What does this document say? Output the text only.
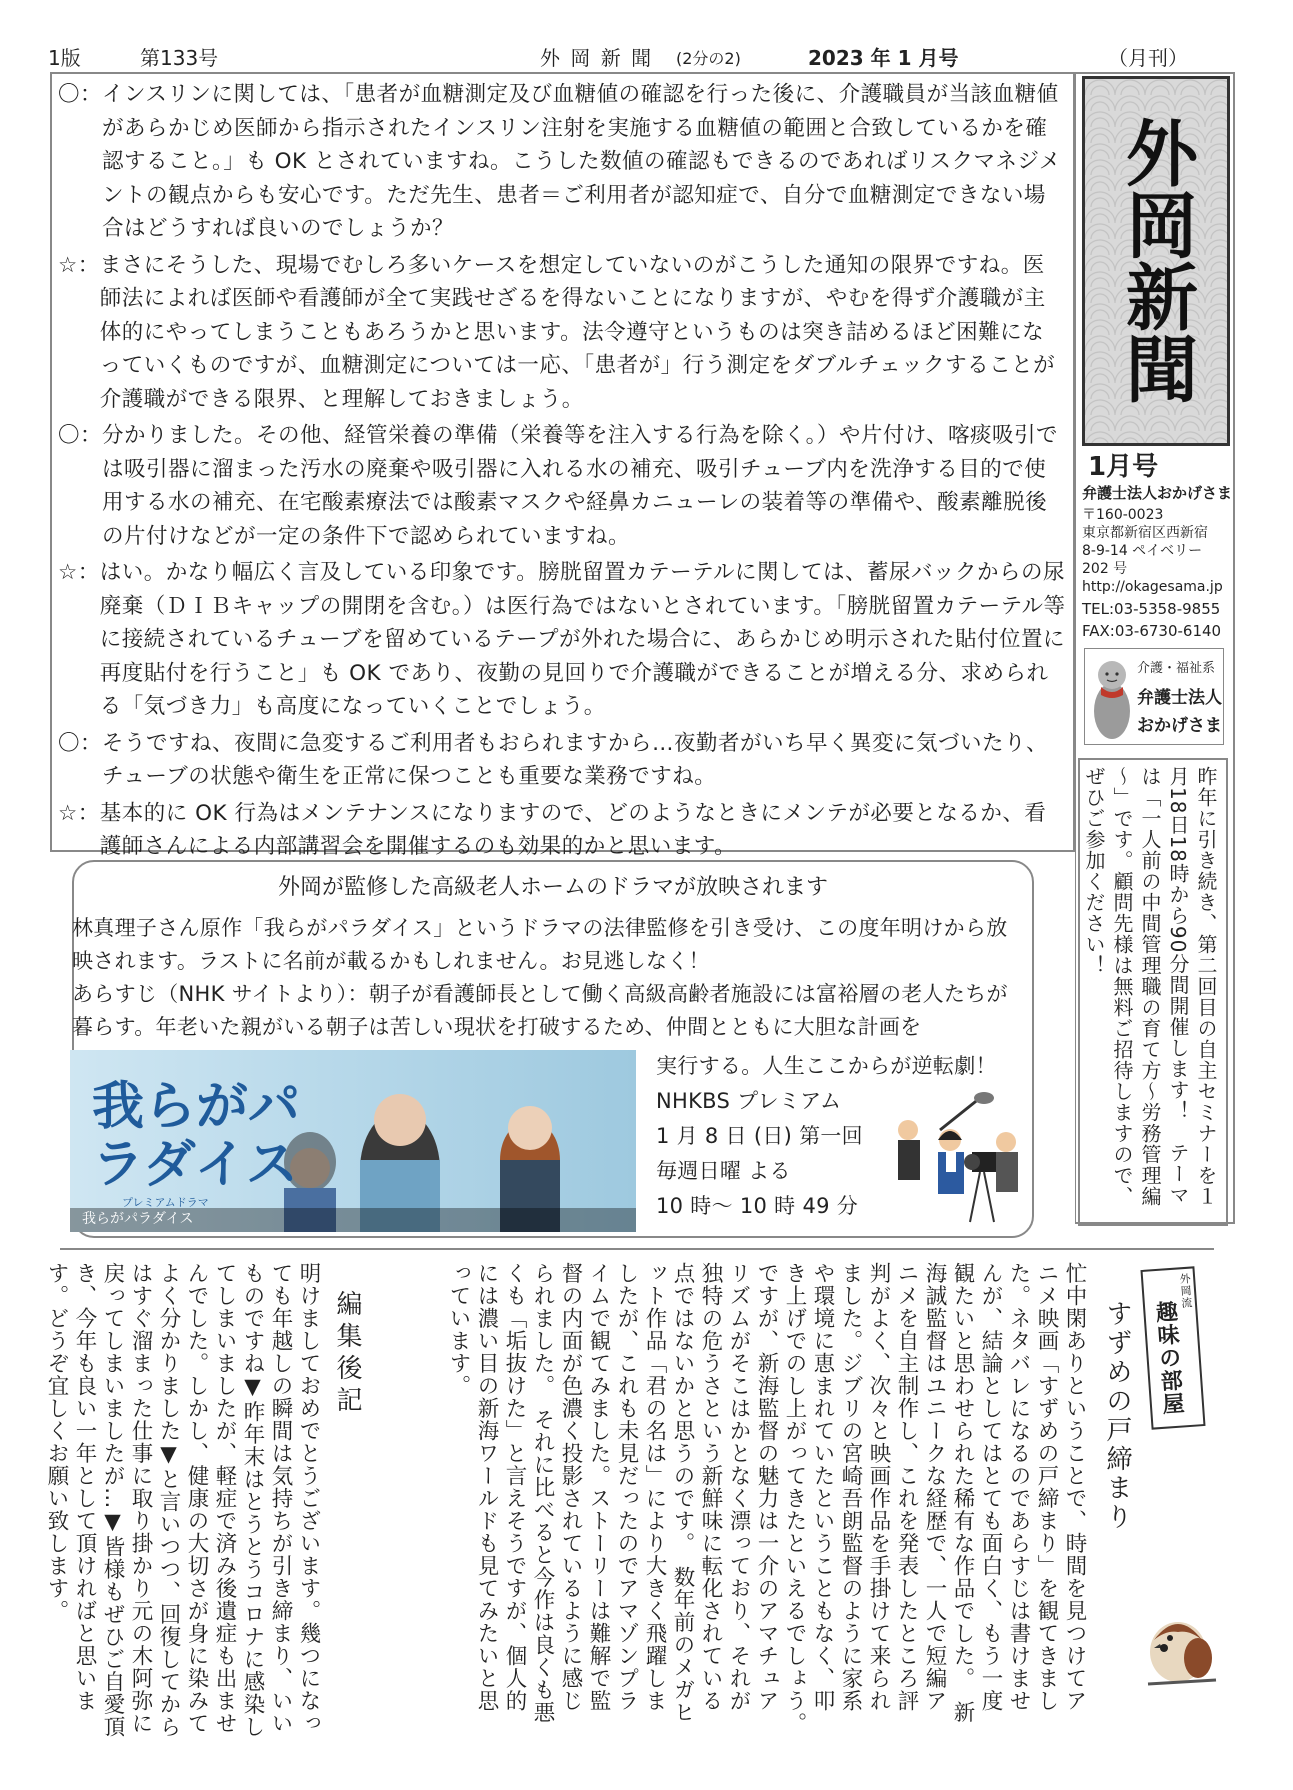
1版	第133号	外 岡 新 聞 (2分の2)	2023 年 1 月号	（月刊）
〇： インスリンに関しては、「患者が血糖測定及び血糖値の確認を行った後に、介護職員が当該血糖値があらかじめ医師から指示されたインスリン注射を実施する血糖値の範囲と合致しているかを確認すること。」も OK とされていますね。こうした数値の確認もできるのであればリスクマネジメントの観点からも安心です。ただ先生、患者＝ご利用者が認知症で、自分で血糖測定できない場合はどうすれば良いのでしょうか？
☆： まさにそうした、現場でむしろ多いケースを想定していないのがこうした通知の限界ですね。医師法によれば医師や看護師が全て実践せざるを得ないことになりますが、やむを得ず介護職が主体的にやってしまうこともあろうかと思います。法令遵守というものは突き詰めるほど困難になっていくものですが、血糖測定については一応、「患者が」行う測定をダブルチェックすることが介護職ができる限界、と理解しておきましょう。
〇： 分かりました。その他、経管栄養の準備（栄養等を注入する行為を除く。）や片付け、喀痰吸引では吸引器に溜まった汚水の廃棄や吸引器に入れる水の補充、吸引チューブ内を洗浄する目的で使用する水の補充、在宅酸素療法では酸素マスクや経鼻カニューレの装着等の準備や、酸素離脱後の片付けなどが一定の条件下で認められていますね。
☆： はい。かなり幅広く言及している印象です。膀胱留置カテーテルに関しては、蓄尿バックからの尿廃棄（ＤＩＢキャップの開閉を含む。）は医行為ではないとされています。「膀胱留置カテーテル等に接続されているチューブを留めているテープが外れた場合に、あらかじめ明示された貼付位置に再度貼付を行うこと」も OK であり、夜勤の見回りで介護職ができることが増える分、求められる「気づき力」も高度になっていくことでしょう。
〇： そうですね、夜間に急変するご利用者もおられますから…夜勤者がいち早く異変に気づいたり、チューブの状態や衛生を正常に保つことも重要な業務ですね。
☆： 基本的に OK 行為はメンテナンスになりますので、どのようなときにメンテが必要となるか、看護師さんによる内部講習会を開催するのも効果的かと思います。
外岡新聞
1月号
弁護士法人おかげさま
〒160-0023
東京都新宿区西新宿
8-9-14 ペイベリー
202 号
http://okagesama.jp
TEL:03-5358-9855
FAX:03-6730-6140
介護・福祉系
弁護士法人
おかげさま
昨年に引き続き、第二回目の自主セミナーを１月18日18時から90分間開催します！　テーマは「一人前の中間管理職の育て方～労務管理編～」です。顧問先様は無料ご招待しますので、ぜひご参加ください！
外岡が監修した高級老人ホームのドラマが放映されます
林真理子さん原作「我らがパラダイス」というドラマの法律監修を引き受け、この度年明けから放映されます。ラストに名前が載るかもしれません。お見逃しなく！
あらすじ（NHK サイトより）：朝子が看護師長として働く高級高齢者施設には富裕層の老人たちが暮らす。年老いた親がいる朝子は苦しい現状を打破するため、仲間とともに大胆な計画を
我らがパラダイス
プレミアムドラマ
我らがパラダイス
実行する。人生ここからが逆転劇！
NHKBS プレミアム
1 月 8 日 (日) 第一回
毎週日曜 よる
10 時～ 10 時 49 分
外岡流
趣味の部屋
すずめの戸締まり
忙中閑ありということで、時間を見つけてアニメ映画「すずめの戸締まり」を観てきました。ネタバレになるのであらすじは書けませんが、結論としてはとても面白く、もう一度観たいと思わせられた稀有な作品でした。　新海誠監督はユニークな経歴で、一人で短編アニメを自主制作し、これを発表したところ評判がよく、次々と映画作品を手掛けて来られました。ジブリの宮崎吾朗監督のように家系や環境に恵まれていたということもなく、叩き上げでのし上がってきたといえるでしょう。　ですが、新海監督の魅力は一介のアマチュアリズムがそこはかとなく漂っており、それが独特の危うさという新鮮味に転化されている点ではないかと思うのです。　数年前のメガヒット作品「君の名は」により大きく飛躍しましたが、これも未見だったのでアマゾンプライムで観てみました。ストーリーは難解で監督の内面が色濃く投影されているように感じられました。　それに比べると今作は良くも悪くも「垢抜けた」と言えそうですが、個人的には濃い目の新海ワールドも見てみたいと思っています。
編集後記
明けましておめでとうございます。幾つになっても年越しの瞬間は気持ちが引き締まり、いいものですね▼昨年末はとうとうコロナに感染してしまいましたが、軽症で済み後遺症も出ませんでした。しかし、健康の大切さが身に染みてよく分かりました▼と言いつつ、回復してからはすぐ溜まった仕事に取り掛かり元の木阿弥に戻ってしまいましたが…▼皆様もぜひご自愛頂き、今年も良い一年として頂ければと思います。どうぞ宜しくお願い致します。
